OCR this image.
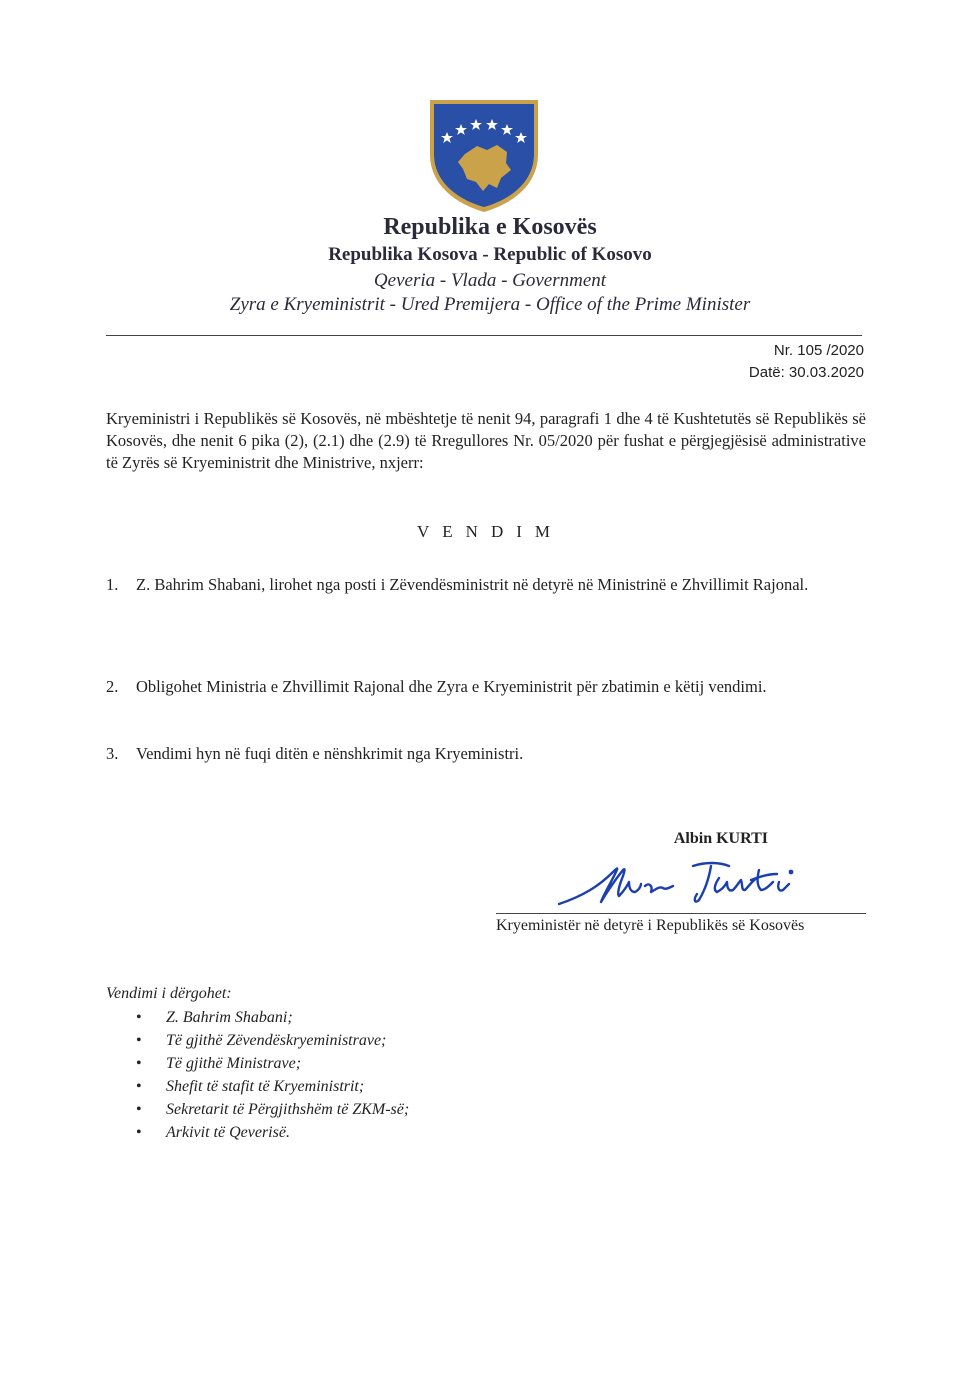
Republika e Kosovës
Republika Kosova - Republic of Kosovo
Qeveria - Vlada - Government
Zyra e Kryeministrit - Ured Premijera - Office of the Prime Minister
Nr. 105 /2020
Datë: 30.03.2020
Kryeministri i Republikës së Kosovës, në mbështetje të nenit 94, paragrafi 1 dhe 4 të Kushtetutës së Republikës së Kosovës, dhe nenit 6 pika (2), (2.1) dhe (2.9) të Rregullores Nr. 05/2020 për fushat e përgjegjësisë administrative të Zyrës së Kryeministrit dhe Ministrive, nxjerr:
VENDIM
1.	Z. Bahrim Shabani, lirohet nga posti i Zëvendësministrit në detyrë në Ministrinë e Zhvillimit Rajonal.
2.	Obligohet Ministria e Zhvillimit Rajonal dhe Zyra e Kryeministrit për zbatimin e këtij vendimi.
3.	Vendimi hyn në fuqi ditën e nënshkrimit nga Kryeministri.
Albin KURTI
Kryeministër në detyrë i Republikës së Kosovës
Vendimi i dërgohet:
• Z. Bahrim Shabani;
• Të gjithë Zëvendëskryeministrave;
• Të gjithë Ministrave;
• Shefit të stafit të Kryeministrit;
• Sekretarit të Përgjithshëm të ZKM-së;
• Arkivit të Qeverisë.
